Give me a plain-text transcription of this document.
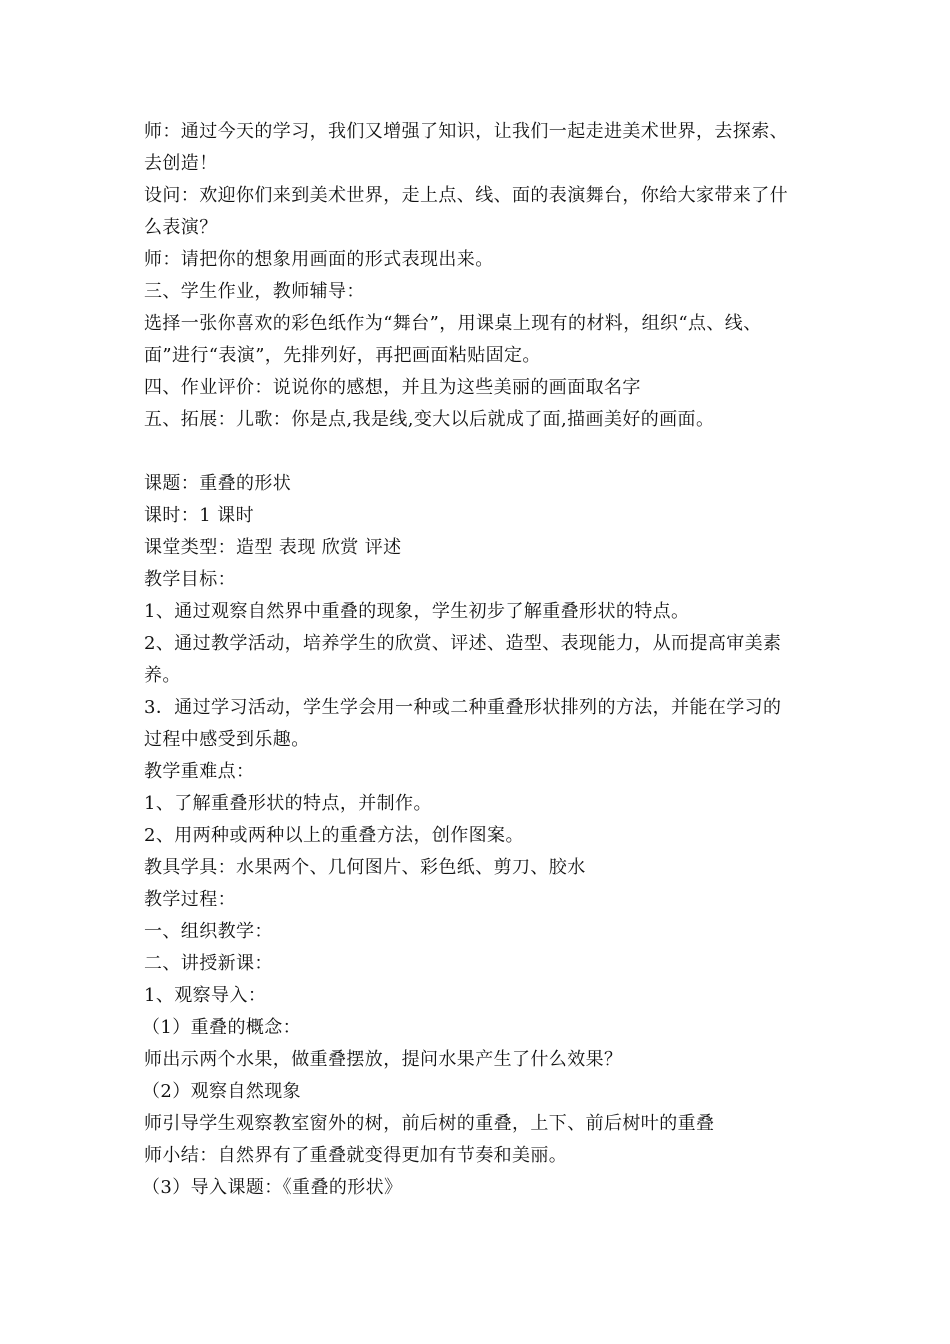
师：通过今天的学习，我们又增强了知识，让我们一起走进美术世界，去探索、
去创造！
设问：欢迎你们来到美术世界，走上点、线、面的表演舞台，你给大家带来了什
么表演？
师：请把你的想象用画面的形式表现出来。
三、学生作业，教师辅导：
选择一张你喜欢的彩色纸作为“舞台”，用课桌上现有的材料，组织“点、线、
面”进行“表演”，先排列好，再把画面粘贴固定。
四、作业评价：说说你的感想，并且为这些美丽的画面取名字
五、拓展：儿歌：你是点,我是线,变大以后就成了面,描画美好的画面。
课题：重叠的形状
课时：1 课时
课堂类型：造型 表现 欣赏 评述
教学目标：
1、通过观察自然界中重叠的现象，学生初步了解重叠形状的特点。
2、通过教学活动，培养学生的欣赏、评述、造型、表现能力，从而提高审美素
养。
3．通过学习活动，学生学会用一种或二种重叠形状排列的方法，并能在学习的
过程中感受到乐趣。
教学重难点：
1、了解重叠形状的特点，并制作。
2、用两种或两种以上的重叠方法，创作图案。
教具学具：水果两个、几何图片、彩色纸、剪刀、胶水
教学过程：
一、组织教学：
二、讲授新课：
1、观察导入：
（1）重叠的概念：
师出示两个水果，做重叠摆放，提问水果产生了什么效果？
（2）观察自然现象
师引导学生观察教室窗外的树，前后树的重叠，上下、前后树叶的重叠
师小结：自然界有了重叠就变得更加有节奏和美丽。
（3）导入课题：《重叠的形状》
